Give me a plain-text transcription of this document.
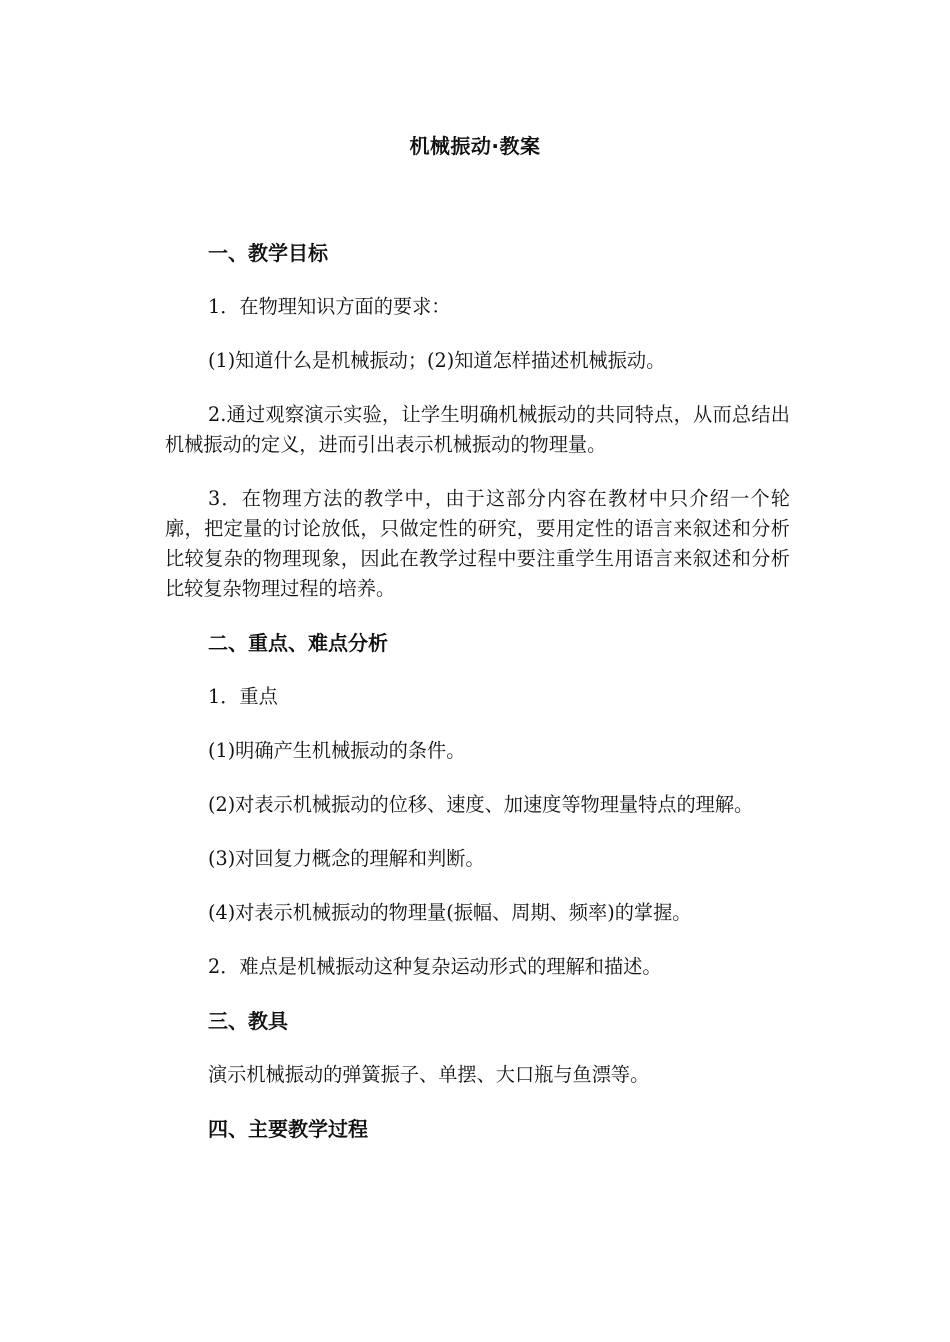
机械振动·教案

一、教学目标

1．在物理知识方面的要求：

(1)知道什么是机械振动；(2)知道怎样描述机械振动。

2.通过观察演示实验，让学生明确机械振动的共同特点，从而总结出机械振动的定义，进而引出表示机械振动的物理量。

3．在物理方法的教学中，由于这部分内容在教材中只介绍一个轮廓，把定量的讨论放低，只做定性的研究，要用定性的语言来叙述和分析比较复杂的物理现象，因此在教学过程中要注重学生用语言来叙述和分析比较复杂物理过程的培养。

二、重点、难点分析

1．重点

(1)明确产生机械振动的条件。

(2)对表示机械振动的位移、速度、加速度等物理量特点的理解。

(3)对回复力概念的理解和判断。

(4)对表示机械振动的物理量(振幅、周期、频率)的掌握。

2．难点是机械振动这种复杂运动形式的理解和描述。

三、教具

演示机械振动的弹簧振子、单摆、大口瓶与鱼漂等。

四、主要教学过程
